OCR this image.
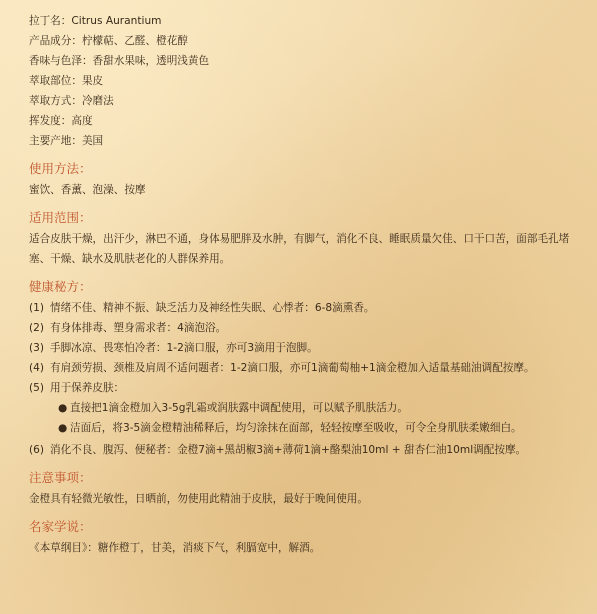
拉丁名：Citrus Aurantium
产品成分：柠檬萜、乙醛、橙花醇
香味与色泽：香甜水果味，透明浅黄色
萃取部位：果皮
萃取方式：冷磨法
挥发度：高度
主要产地：美国
使用方法：
蜜饮、香薰、泡澡、按摩
适用范围：
适合皮肤干燥，出汗少，淋巴不通，身体易肥胖及水肿，有脚气，消化不良、睡眠质量欠佳、口干口苦，面部毛孔堵塞、干燥、缺水及肌肤老化的人群保养用。
健康秘方：
(1) 情绪不佳、精神不振、缺乏活力及神经性失眠、心悸者：6-8滴熏香。
(2) 有身体排毒、塑身需求者：4滴泡浴。
(3) 手脚冰凉、畏寒怕冷者：1-2滴口服，亦可3滴用于泡脚。
(4) 有肩颈劳损、颈椎及肩周不适问题者：1-2滴口服，亦可1滴葡萄柚+1滴金橙加入适量基础油调配按摩。
(5) 用于保养皮肤：
● 直接把1滴金橙加入3-5g乳霜或润肤露中调配使用，可以赋予肌肤活力。
● 洁面后，将3-5滴金橙精油稀释后，均匀涂抹在面部，轻轻按摩至吸收，可令全身肌肤柔嫩细白。
(6) 消化不良、腹泻、便秘者：金橙7滴+黑胡椒3滴+薄荷1滴+酪梨油10ml + 甜杏仁油10ml调配按摩。
注意事项：
金橙具有轻微光敏性，日晒前，勿使用此精油于皮肤，最好于晚间使用。
名家学说：
《本草纲目》：糖作橙丁，甘美，消痰下气，利膈宽中，解酒。
